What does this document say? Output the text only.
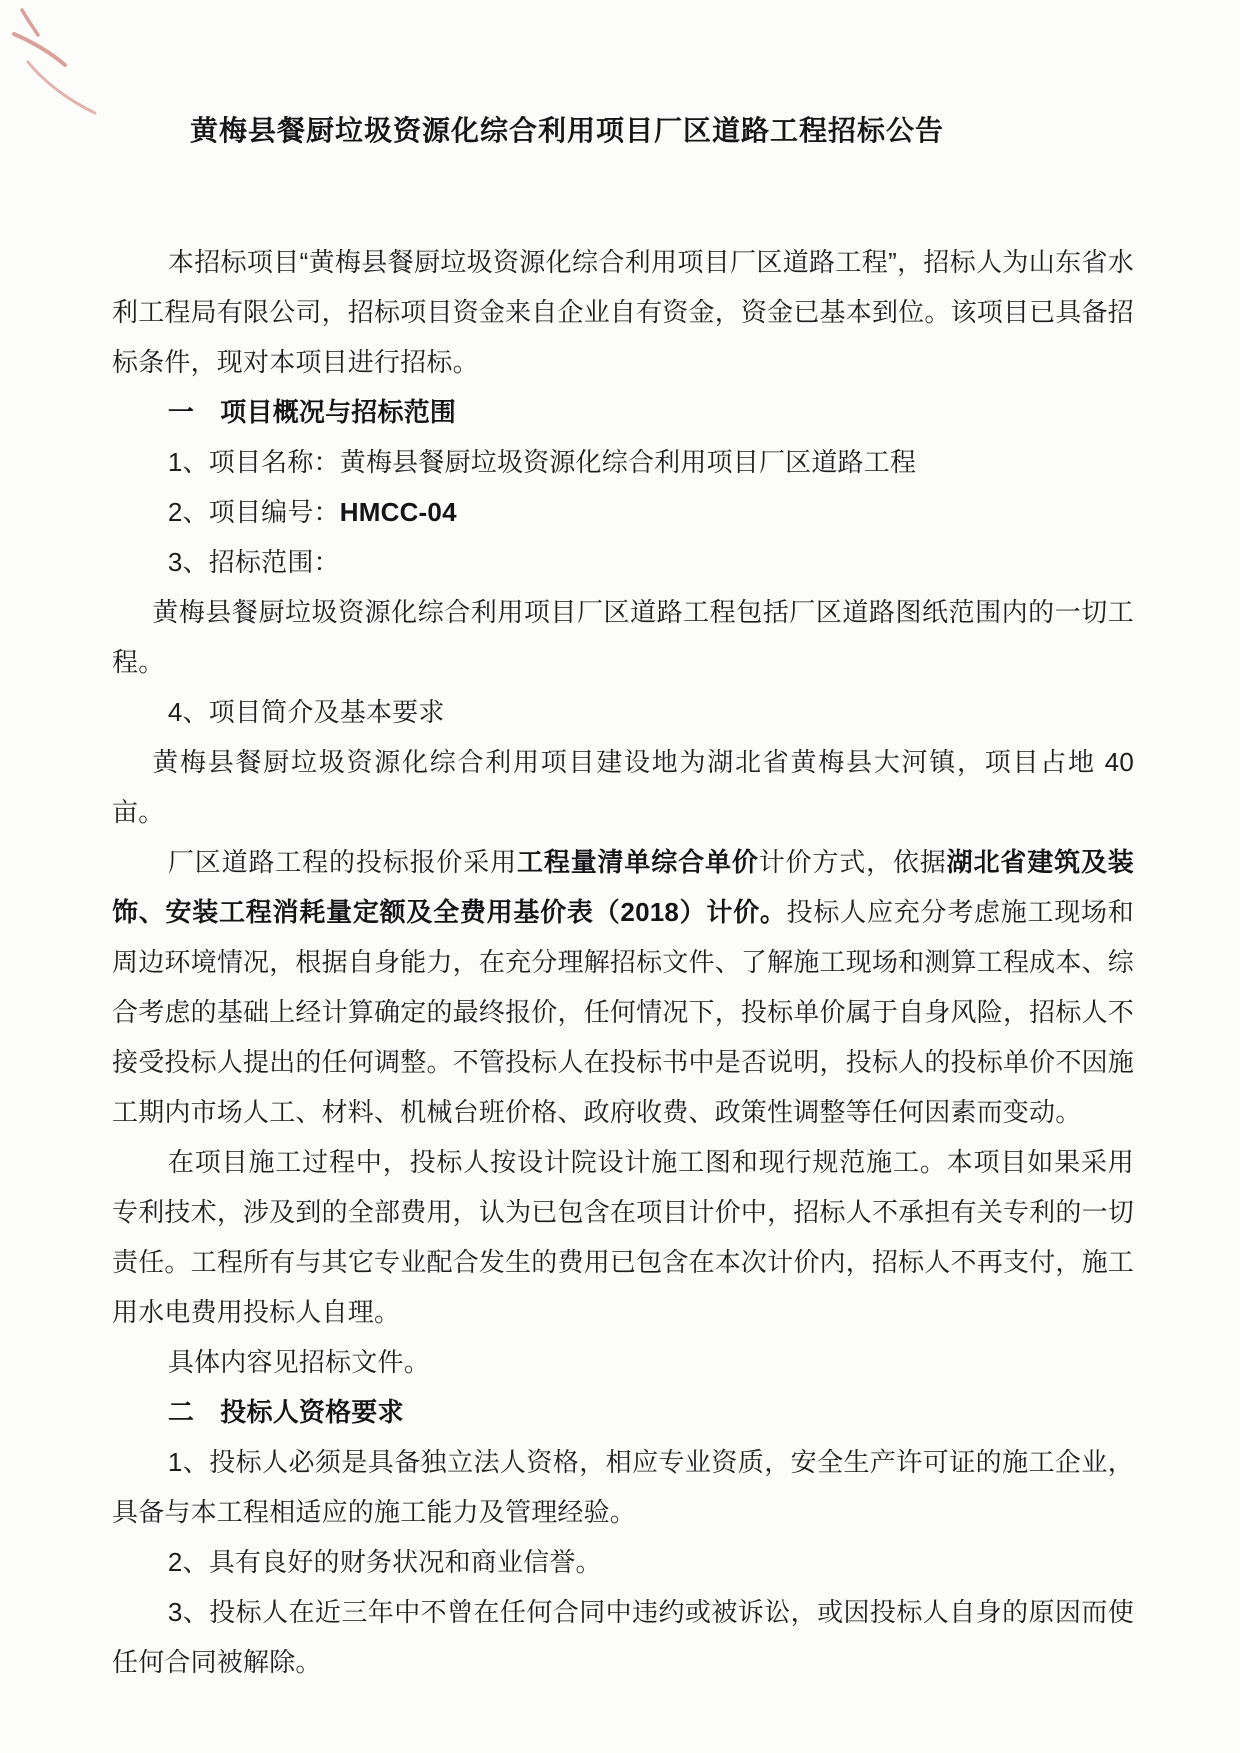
黄梅县餐厨垃圾资源化综合利用项目厂区道路工程招标公告

本招标项目“黄梅县餐厨垃圾资源化综合利用项目厂区道路工程”，招标人为山东省水利工程局有限公司，招标项目资金来自企业自有资金，资金已基本到位。该项目已具备招标条件，现对本项目进行招标。

一　项目概况与招标范围

1、项目名称：黄梅县餐厨垃圾资源化综合利用项目厂区道路工程

2、项目编号：HMCC-04

3、招标范围：

黄梅县餐厨垃圾资源化综合利用项目厂区道路工程包括厂区道路图纸范围内的一切工程。

4、项目简介及基本要求

黄梅县餐厨垃圾资源化综合利用项目建设地为湖北省黄梅县大河镇，项目占地 40 亩。

厂区道路工程的投标报价采用工程量清单综合单价计价方式，依据湖北省建筑及装饰、安装工程消耗量定额及全费用基价表（2018）计价。投标人应充分考虑施工现场和周边环境情况，根据自身能力，在充分理解招标文件、了解施工现场和测算工程成本、综合考虑的基础上经计算确定的最终报价，任何情况下，投标单价属于自身风险，招标人不接受投标人提出的任何调整。不管投标人在投标书中是否说明，投标人的投标单价不因施工期内市场人工、材料、机械台班价格、政府收费、政策性调整等任何因素而变动。

在项目施工过程中，投标人按设计院设计施工图和现行规范施工。本项目如果采用专利技术，涉及到的全部费用，认为已包含在项目计价中，招标人不承担有关专利的一切责任。工程所有与其它专业配合发生的费用已包含在本次计价内，招标人不再支付，施工用水电费用投标人自理。

具体内容见招标文件。

二　投标人资格要求

1、投标人必须是具备独立法人资格，相应专业资质，安全生产许可证的施工企业，具备与本工程相适应的施工能力及管理经验。

2、具有良好的财务状况和商业信誉。

3、投标人在近三年中不曾在任何合同中违约或被诉讼，或因投标人自身的原因而使任何合同被解除。
